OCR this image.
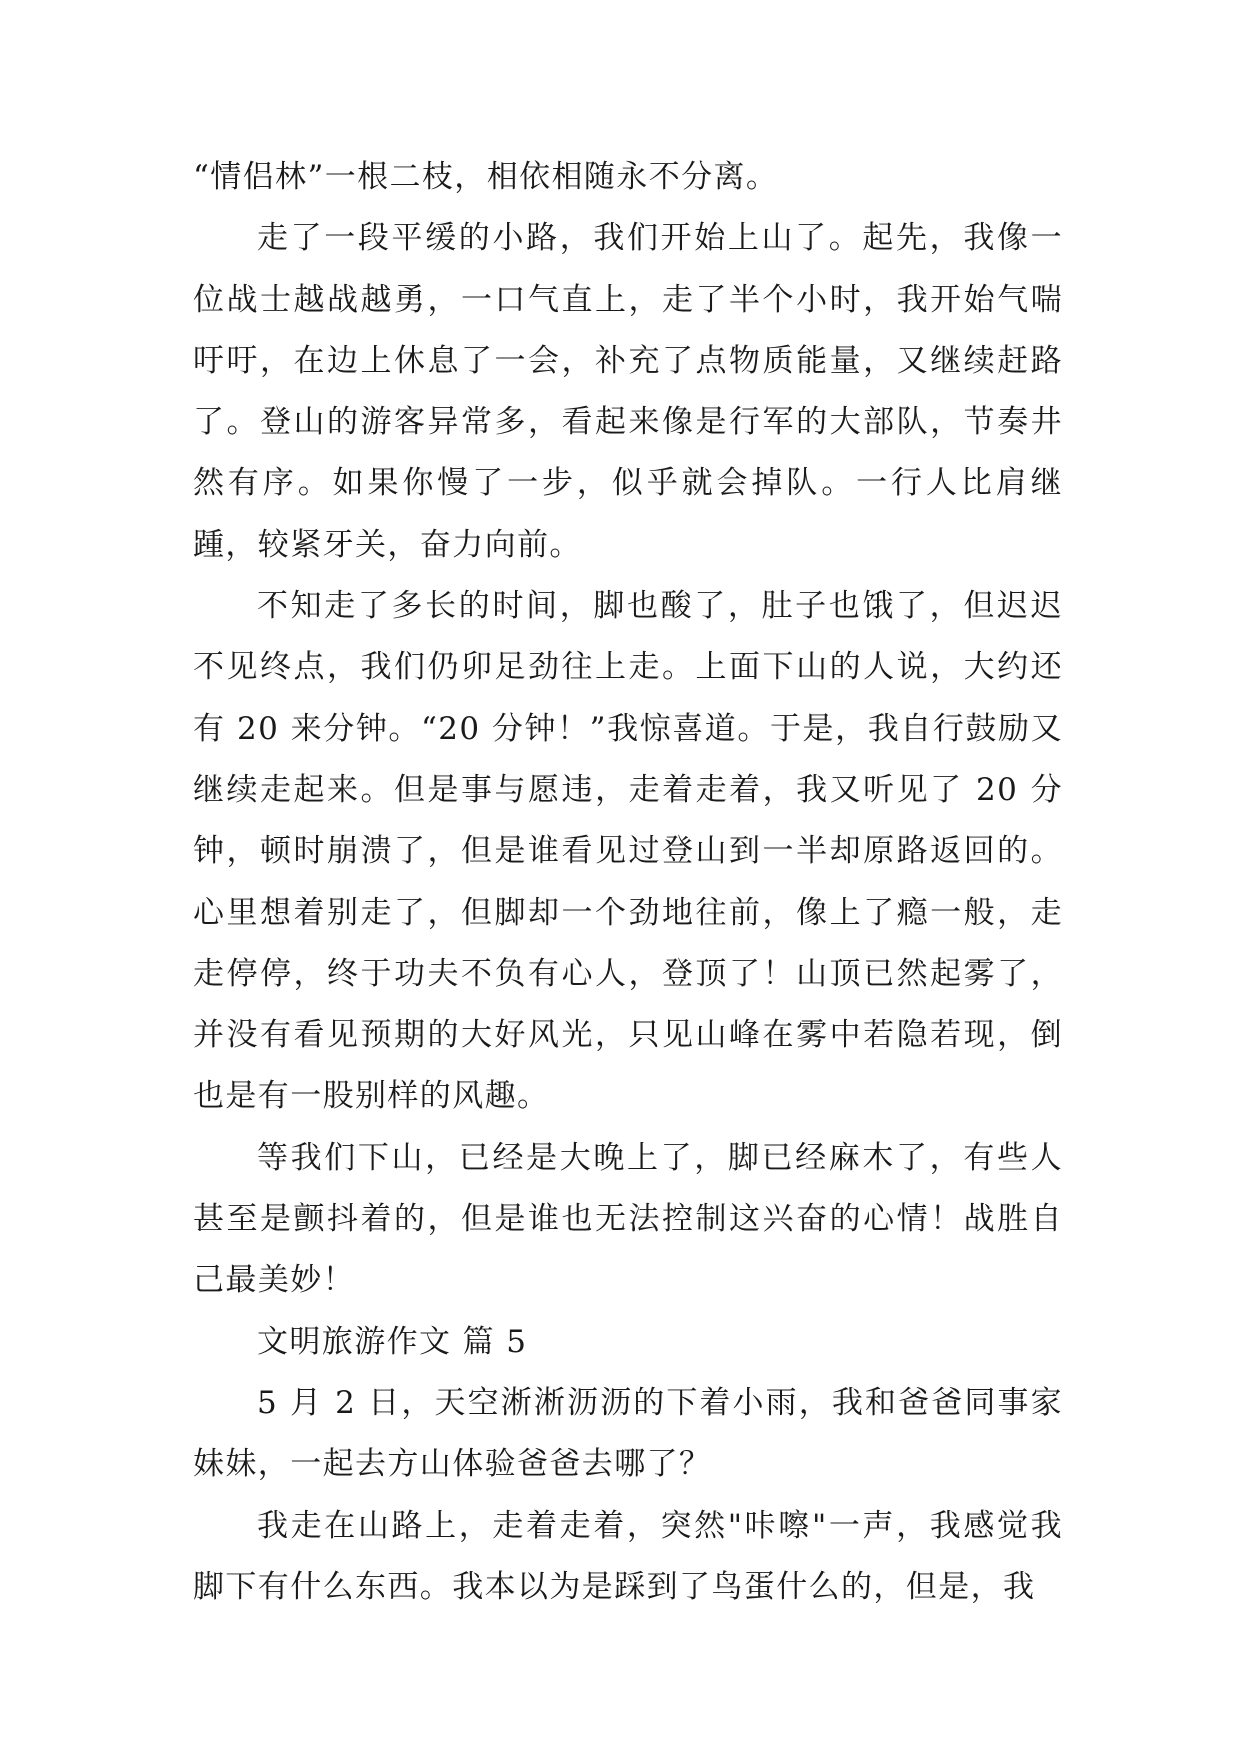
“情侣林”一根二枝，相依相随永不分离。

走了一段平缓的小路，我们开始上山了。起先，我像一位战士越战越勇，一口气直上，走了半个小时，我开始气喘吁吁，在边上休息了一会，补充了点物质能量，又继续赶路了。登山的游客异常多，看起来像是行军的大部队，节奏井然有序。如果你慢了一步，似乎就会掉队。一行人比肩继踵，较紧牙关，奋力向前。

不知走了多长的时间，脚也酸了，肚子也饿了，但迟迟不见终点，我们仍卯足劲往上走。上面下山的人说，大约还有 20 来分钟。“20 分钟！”我惊喜道。于是，我自行鼓励又继续走起来。但是事与愿违，走着走着，我又听见了 20 分钟，顿时崩溃了，但是谁看见过登山到一半却原路返回的。心里想着别走了，但脚却一个劲地往前，像上了瘾一般，走走停停，终于功夫不负有心人，登顶了！山顶已然起雾了，并没有看见预期的大好风光，只见山峰在雾中若隐若现，倒也是有一股别样的风趣。

等我们下山，已经是大晚上了，脚已经麻木了，有些人甚至是颤抖着的，但是谁也无法控制这兴奋的心情！战胜自己最美妙！

文明旅游作文 篇 5

5 月 2 日，天空淅淅沥沥的下着小雨，我和爸爸同事家妹妹，一起去方山体验爸爸去哪了？

我走在山路上，走着走着，突然"咔嚓"一声，我感觉我脚下有什么东西。我本以为是踩到了鸟蛋什么的，但是，我
